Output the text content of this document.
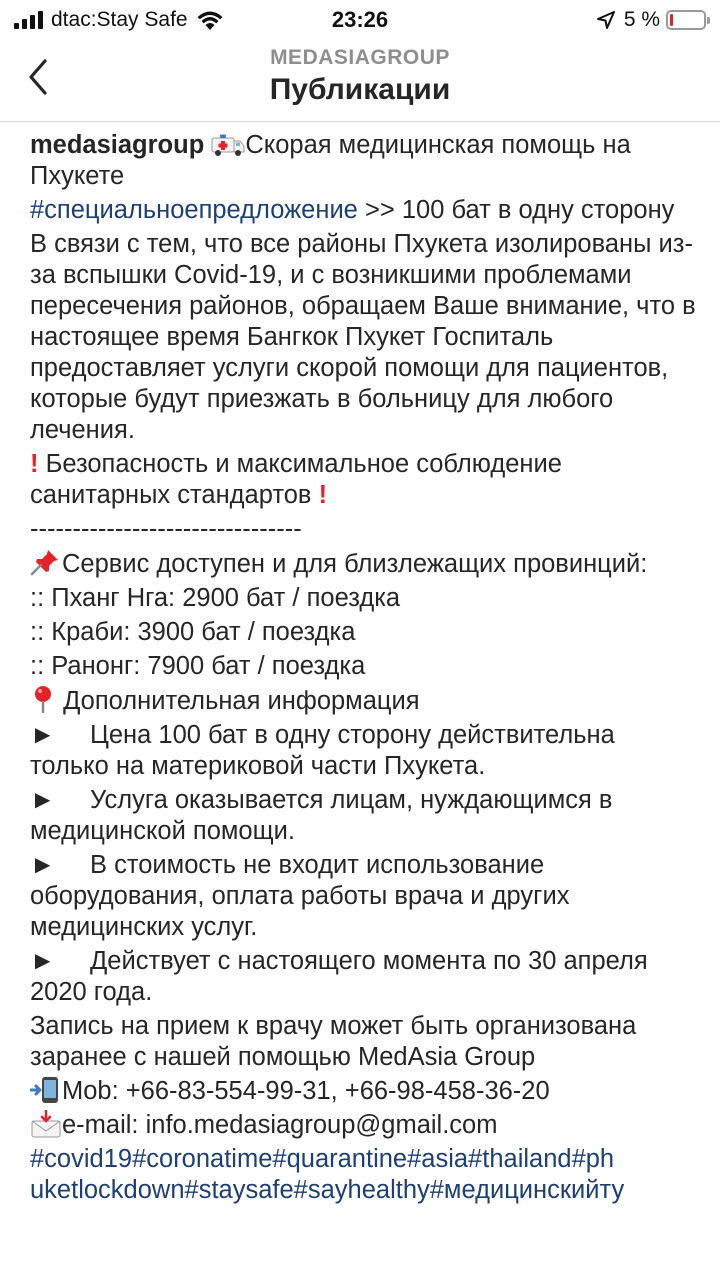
dtac:Stay Safe	23:26	5 %
MEDASIAGROUP
Публикации

medasiagroup Скорая медицинская помощь на Пхукете

#специальноепредложение >> 100 бат в одну сторону

В связи с тем, что все районы Пхукета изолированы из-за вспышки Covid-19, и с возникшими проблемами пересечения районов, обращаем Ваше внимание, что в настоящее время Бангкок Пхукет Госпиталь предоставляет услуги скорой помощи для пациентов, которые будут приезжать в больницу для любого лечения.

! Безопасность и максимальное соблюдение санитарных стандартов !

--------------------------------

Сервис доступен и для близлежащих провинций:

:: Пханг Нга: 2900 бат / поездка

:: Краби: 3900 бат / поездка

:: Ранонг: 7900 бат / поездка

Дополнительная информация

► Цена 100 бат в одну сторону действительна только на материковой части Пхукета.

► Услуга оказывается лицам, нуждающимся в медицинской помощи.

► В стоимость не входит использование оборудования, оплата работы врача и других медицинских услуг.

► Действует с настоящего момента по 30 апреля 2020 года.

Запись на прием к врачу может быть организована заранее с нашей помощью MedAsia Group

Mob: +66-83-554-99-31, +66-98-458-36-20

e-mail: info.medasiagroup@gmail.com

#covid19#coronatime#quarantine#asia#thailand#ph
uketlockdown#staysafe#sayhealthy#медицинскийту
